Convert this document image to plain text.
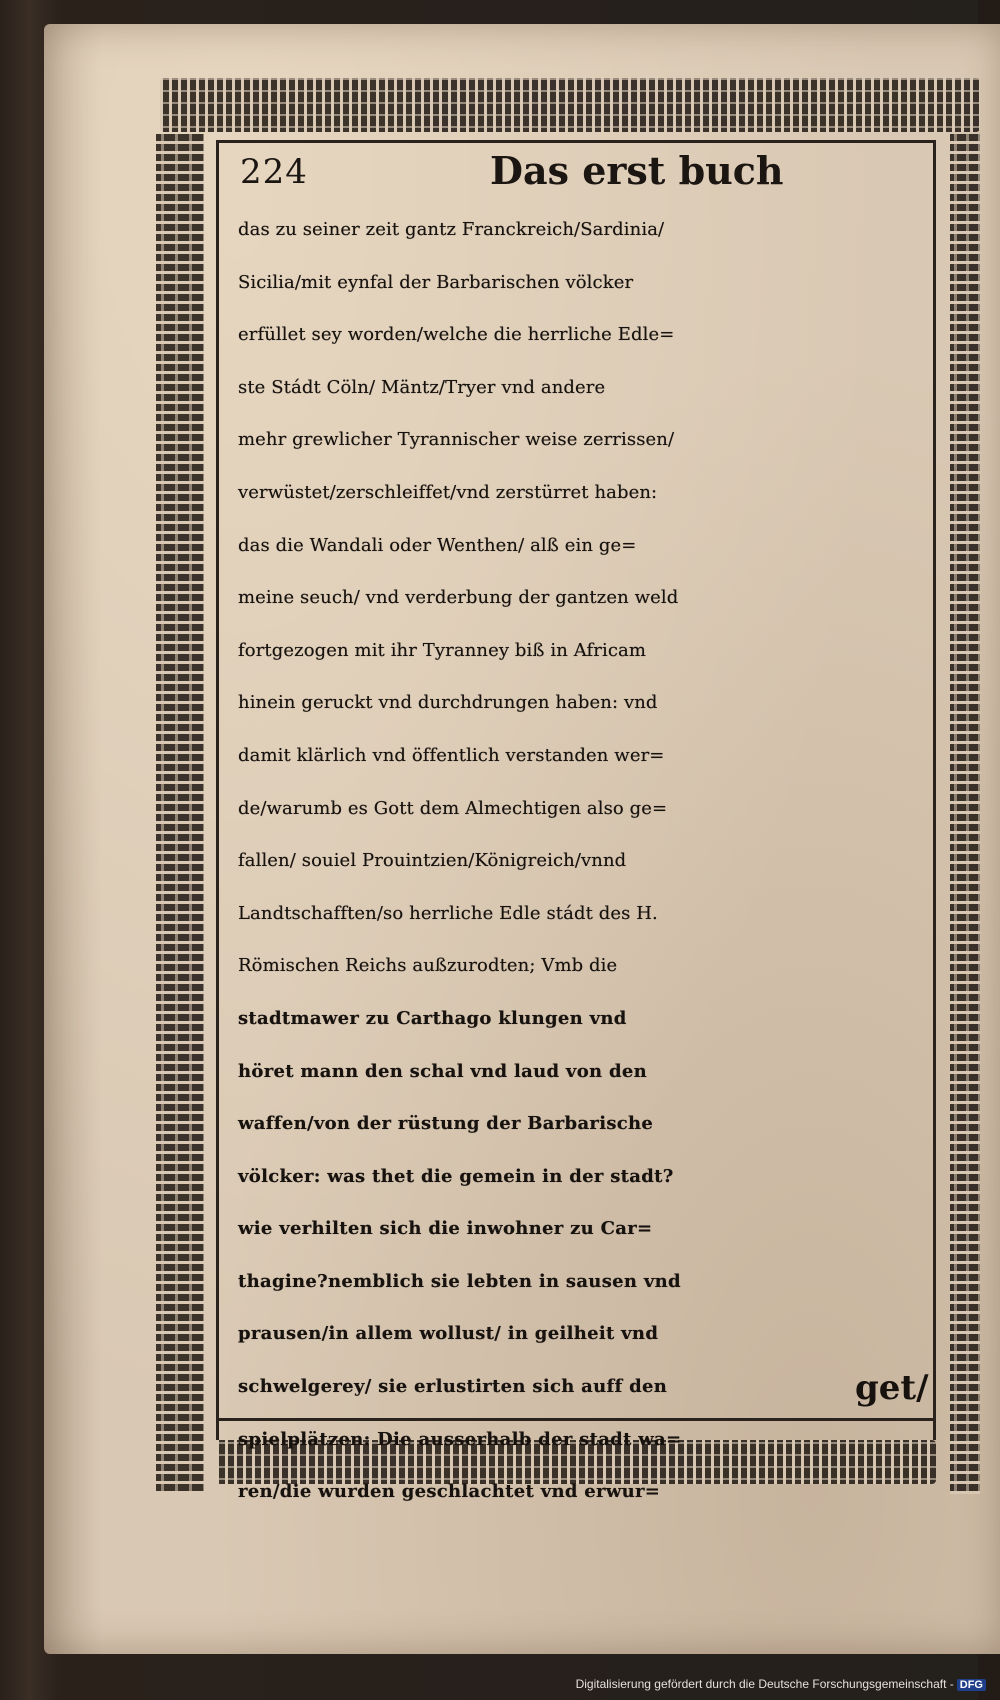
224	Das erst buch
das zu seiner zeit gantz Franckreich/Sardinia/
Sicilia/mit eynfal der Barbarischen völcker
erfüllet sey worden/welche die herrliche Edle=
ste Stádt Cöln/ Mäntz/Tryer vnd andere
mehr grewlicher Tyrannischer weise zerrissen/
verwüstet/zerschleiffet/vnd zerstürret haben:
das die Wandali oder Wenthen/ alß ein ge=
meine seuch/ vnd verderbung der gantzen weld
fortgezogen mit ihr Tyranney biß in Africam
hinein geruckt vnd durchdrungen haben: vnd
damit klärlich vnd öffentlich verstanden wer=
de/warumb es Gott dem Almechtigen also ge=
fallen/ souiel Prouintzien/Königreich/vnnd
Landtschafften/so herrliche Edle stádt des H.
Römischen Reichs außzurodten; Vmb die
stadtmawer zu Carthago klungen vnd
höret mann den schal vnd laud von den
waffen/von der rüstung der Barbarische
völcker: was thet die gemein in der stadt?
wie verhilten sich die inwohner zu Car=
thagine?nemblich sie lebten in sausen vnd
prausen/in allem wollust/ in geilheit vnd
schwelgerey/ sie erlustirten sich auff den
spielplätzen: Die ausserhalb der stadt wa=
ren/die wurden geschlachtet vnd erwur=
get/
Digitalisierung gefördert durch die Deutsche Forschungsgemeinschaft - DFG
